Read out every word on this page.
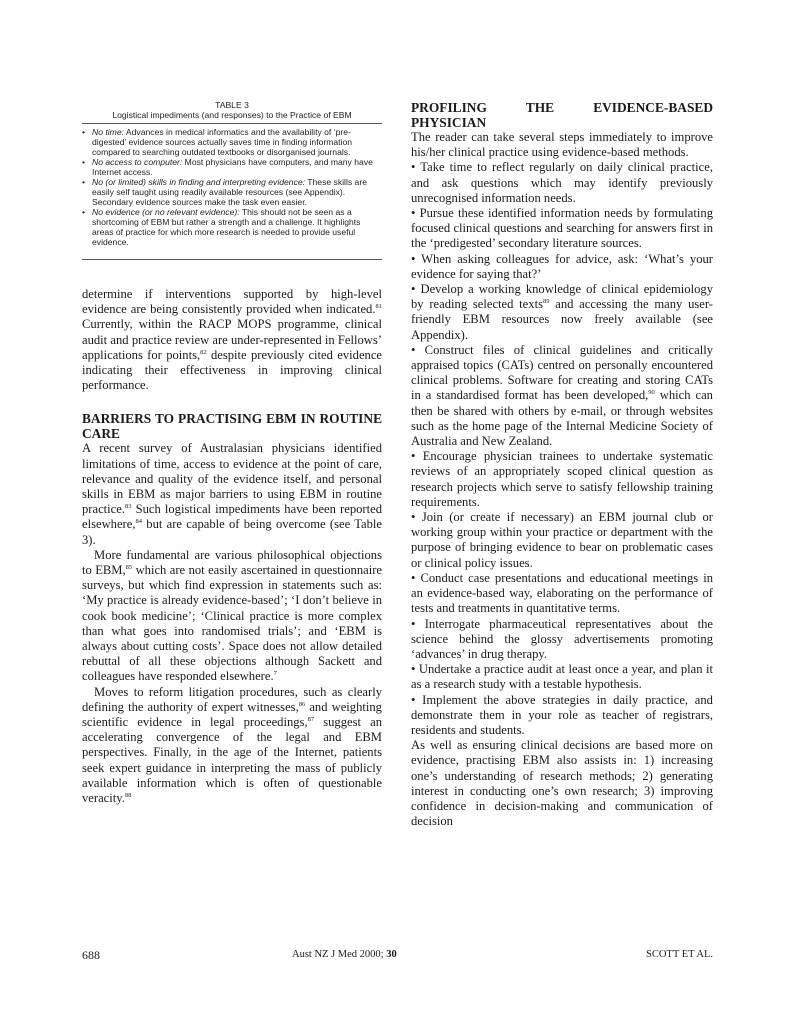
TABLE 3
Logistical impediments (and responses) to the Practice of EBM
• No time: Advances in medical informatics and the availability of ‘pre-digested’ evidence sources actually saves time in finding information compared to searching outdated textbooks or disorganised journals.
• No access to computer: Most physicians have computers, and many have Internet access.
• No (or limited) skills in finding and interpreting evidence: These skills are easily self taught using readily available resources (see Appendix). Secondary evidence sources make the task even easier.
• No evidence (or no relevant evidence): This should not be seen as a shortcoming of EBM but rather a strength and a challenge. It highlights areas of practice for which more research is needed to provide useful evidence.

determine if interventions supported by high-level evidence are being consistently provided when indicated.$^{81}$ Currently, within the RACP MOPS programme, clinical audit and practice review are under-represented in Fellows’ applications for points,$^{82}$ despite previously cited evidence indicating their effectiveness in improving clinical performance.

BARRIERS TO PRACTISING EBM IN ROUTINE CARE

A recent survey of Australasian physicians identified limitations of time, access to evidence at the point of care, relevance and quality of the evidence itself, and personal skills in EBM as major barriers to using EBM in routine practice.$^{83}$ Such logistical impediments have been reported elsewhere,$^{84}$ but are capable of being overcome (see Table 3).

More fundamental are various philosophical objections to EBM,$^{85}$ which are not easily ascertained in questionnaire surveys, but which find expression in statements such as: ‘My practice is already evidence-based’; ‘I don’t believe in cook book medicine’; ‘Clinical practice is more complex than what goes into randomised trials’; and ‘EBM is always about cutting costs’. Space does not allow detailed rebuttal of all these objections although Sackett and colleagues have responded elsewhere.$^7$

Moves to reform litigation procedures, such as clearly defining the authority of expert witnesses,$^{86}$ and weighting scientific evidence in legal proceedings,$^{87}$ suggest an accelerating convergence of the legal and EBM perspectives. Finally, in the age of the Internet, patients seek expert guidance in interpreting the mass of publicly available information which is often of questionable veracity.$^{88}$

PROFILING THE EVIDENCE-BASED PHYSICIAN

The reader can take several steps immediately to improve his/her clinical practice using evidence-based methods.

• Take time to reflect regularly on daily clinical practice, and ask questions which may identify previously unrecognised information needs.

• Pursue these identified information needs by formulating focused clinical questions and searching for answers first in the ‘predigested’ secondary literature sources.

• When asking colleagues for advice, ask: ‘What’s your evidence for saying that?’

• Develop a working knowledge of clinical epidemiology by reading selected texts$^{89}$ and accessing the many user-friendly EBM resources now freely available (see Appendix).

• Construct files of clinical guidelines and critically appraised topics (CATs) centred on personally encountered clinical problems. Software for creating and storing CATs in a standardised format has been developed,$^{90}$ which can then be shared with others by e-mail, or through websites such as the home page of the Internal Medicine Society of Australia and New Zealand.

• Encourage physician trainees to undertake systematic reviews of an appropriately scoped clinical question as research projects which serve to satisfy fellowship training requirements.

• Join (or create if necessary) an EBM journal club or working group within your practice or department with the purpose of bringing evidence to bear on problematic cases or clinical policy issues.

• Conduct case presentations and educational meetings in an evidence-based way, elaborating on the performance of tests and treatments in quantitative terms.

• Interrogate pharmaceutical representatives about the science behind the glossy advertisements promoting ‘advances’ in drug therapy.

• Undertake a practice audit at least once a year, and plan it as a research study with a testable hypothesis.

• Implement the above strategies in daily practice, and demonstrate them in your role as teacher of registrars, residents and students.

As well as ensuring clinical decisions are based more on evidence, practising EBM also assists in: 1) increasing one’s understanding of research methods; 2) generating interest in conducting one’s own research; 3) improving confidence in decision-making and communication of decision

688	Aust NZ J Med 2000; 30	SCOTT ET AL.
